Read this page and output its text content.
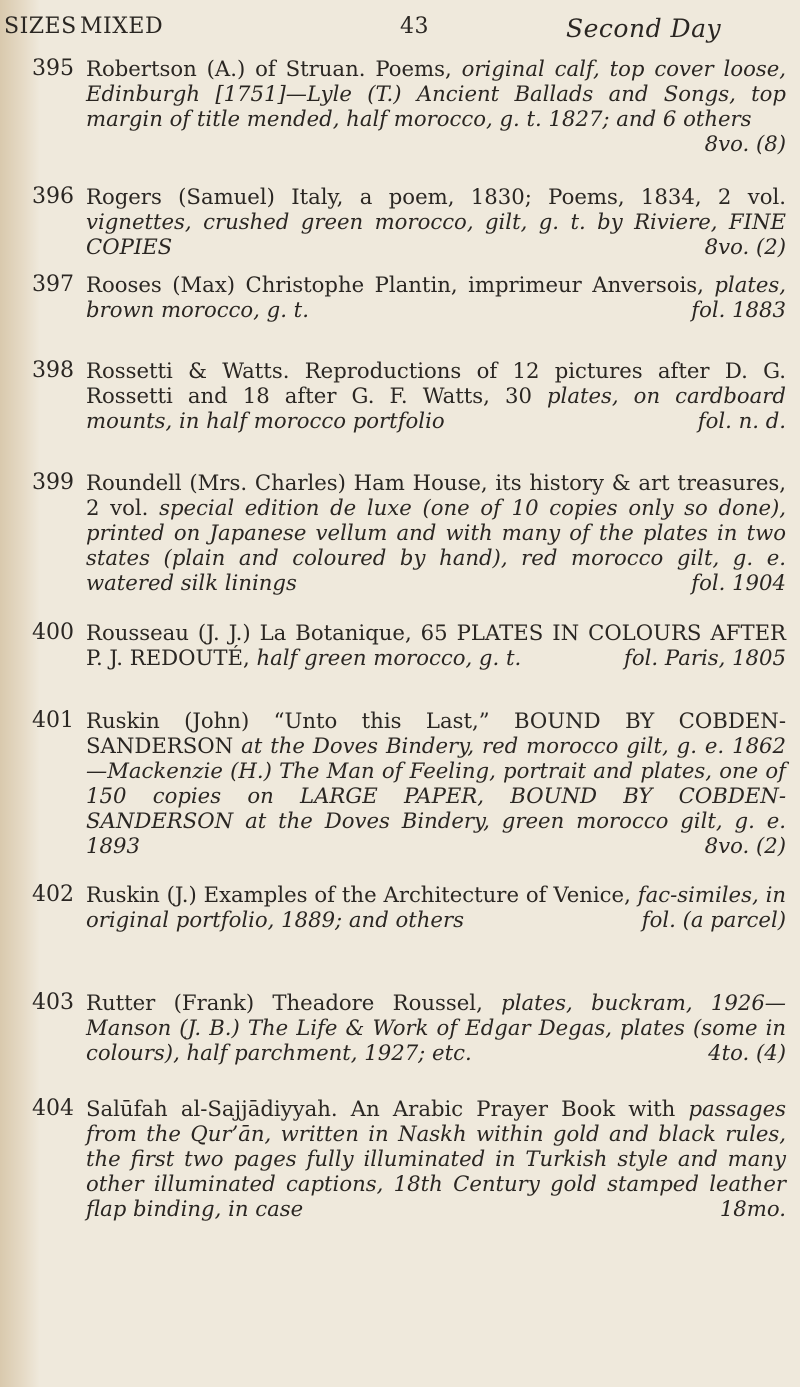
SIZES MIXED	43	Second Day
395 Robertson (A.) of Struan. Poems, original calf, top cover loose, Edinburgh [1751]—Lyle (T.) Ancient Ballads and Songs, top margin of title mended, half morocco, g. t. 1827; and 6 others
8vo. (8)
396 Rogers (Samuel) Italy, a poem, 1830; Poems, 1834, 2 vol. vignettes, crushed green morocco, gilt, g. t. by Riviere, FINE COPIES	8vo. (2)
397 Rooses (Max) Christophe Plantin, imprimeur Anversois, plates, brown morocco, g. t.	fol. 1883
398 Rossetti & Watts. Reproductions of 12 pictures after D. G. Rossetti and 18 after G. F. Watts, 30 plates, on cardboard mounts, in half morocco portfolio	fol. n. d.
399 Roundell (Mrs. Charles) Ham House, its history & art treasures, 2 vol. special edition de luxe (one of 10 copies only so done), printed on Japanese vellum and with many of the plates in two states (plain and coloured by hand), red morocco gilt, g. e. watered silk linings	fol. 1904
400 Rousseau (J. J.) La Botanique, 65 PLATES IN COLOURS AFTER P. J. REDOUTÉ, half green morocco, g. t.	fol. Paris, 1805
401 Ruskin (John) “Unto this Last,” BOUND BY COBDEN-SANDERSON at the Doves Bindery, red morocco gilt, g. e. 1862—Mackenzie (H.) The Man of Feeling, portrait and plates, one of 150 copies on LARGE PAPER, BOUND BY COBDEN-SANDERSON at the Doves Bindery, green morocco gilt, g. e. 1893	8vo. (2)
402 Ruskin (J.) Examples of the Architecture of Venice, fac-similes, in original portfolio, 1889; and others	fol. (a parcel)
403 Rutter (Frank) Theadore Roussel, plates, buckram, 1926—Manson (J. B.) The Life & Work of Edgar Degas, plates (some in colours), half parchment, 1927; etc.	4to. (4)
404 Salūfah al-Sajjādiyyah. An Arabic Prayer Book with passages from the Qur’ān, written in Naskh within gold and black rules, the first two pages fully illuminated in Turkish style and many other illuminated captions, 18th Century gold stamped leather flap binding, in case	18mo.
